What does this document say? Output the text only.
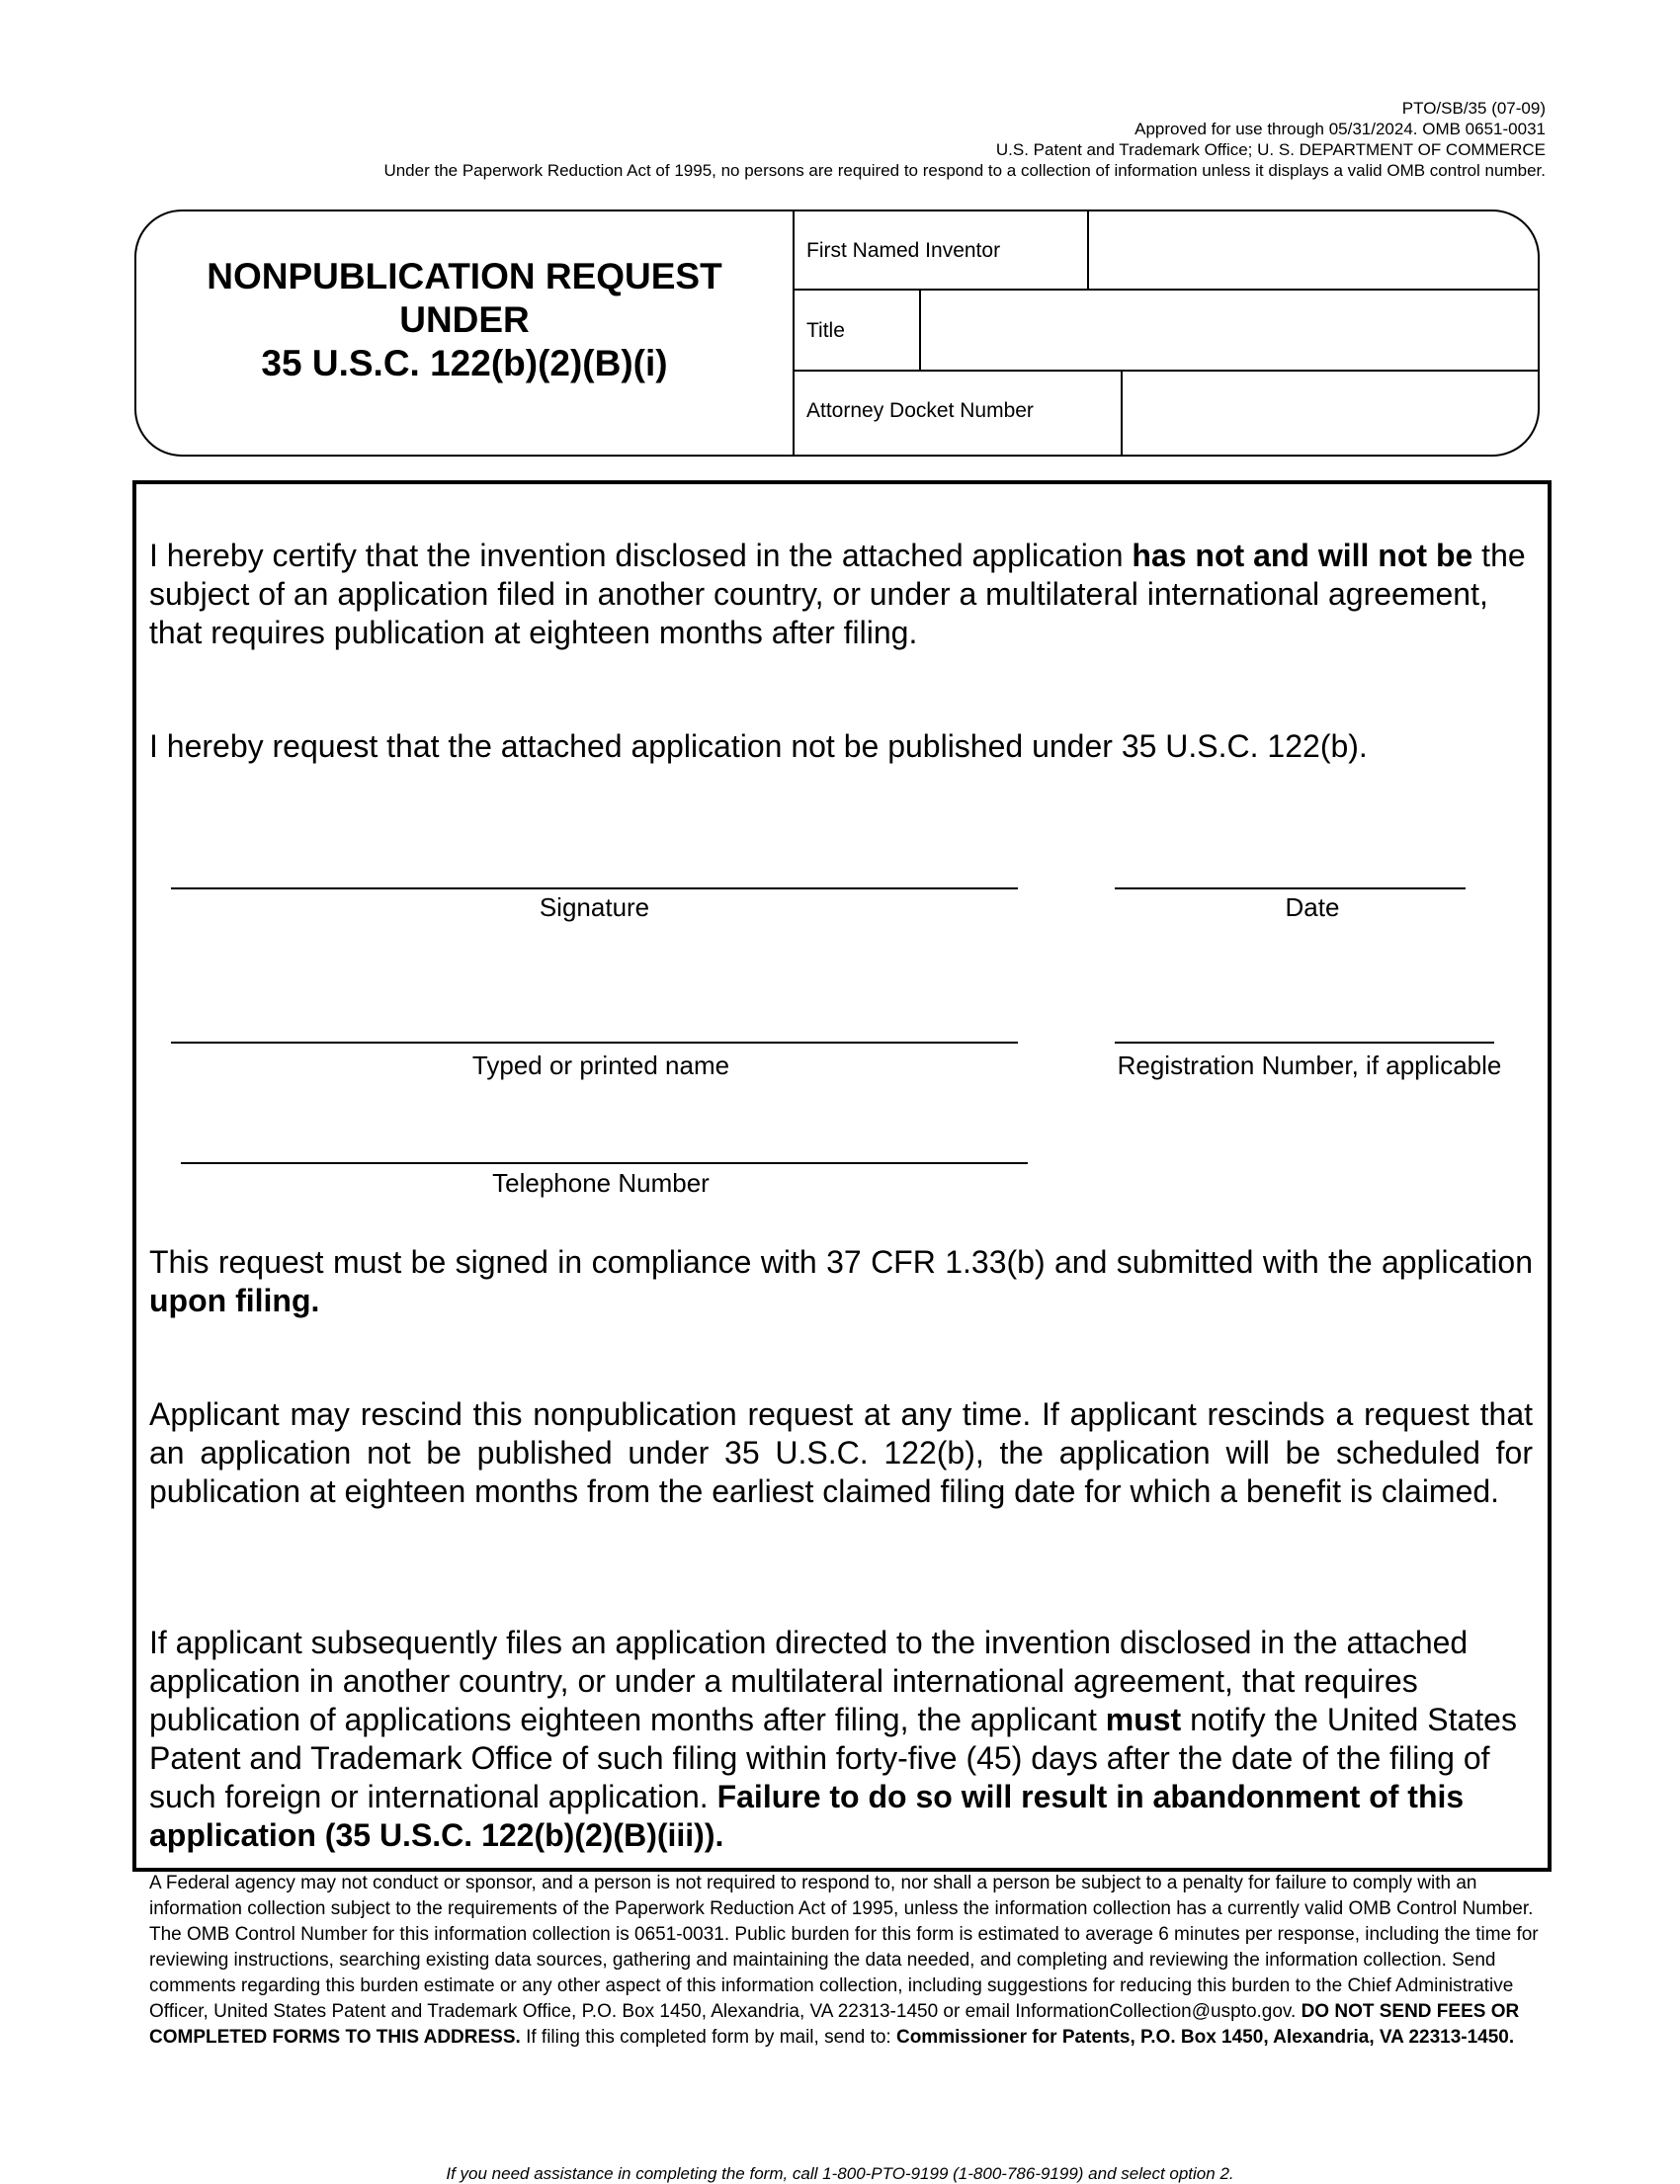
PTO/SB/35 (07-09)
Approved for use through 05/31/2024. OMB 0651-0031
U.S. Patent and Trademark Office; U. S. DEPARTMENT OF COMMERCE
Under the Paperwork Reduction Act of 1995, no persons are required to respond to a collection of information unless it displays a valid OMB control number.
NONPUBLICATION REQUEST
UNDER
35 U.S.C. 122(b)(2)(B)(i)
First Named Inventor
Title
Attorney Docket Number
I hereby certify that the invention disclosed in the attached application has not and will not be the subject of an application filed in another country, or under a multilateral international agreement, that requires publication at eighteen months after filing.
I hereby request that the attached application not be published under 35 U.S.C. 122(b).
Signature	Date
Typed or printed name	Registration Number, if applicable
Telephone Number
This request must be signed in compliance with 37 CFR 1.33(b) and submitted with the application upon filing.
Applicant may rescind this nonpublication request at any time. If applicant rescinds a request that an application not be published under 35 U.S.C. 122(b), the application will be scheduled for publication at eighteen months from the earliest claimed filing date for which a benefit is claimed.
If applicant subsequently files an application directed to the invention disclosed in the attached application in another country, or under a multilateral international agreement, that requires publication of applications eighteen months after filing, the applicant must notify the United States Patent and Trademark Office of such filing within forty-five (45) days after the date of the filing of such foreign or international application. Failure to do so will result in abandonment of this application (35 U.S.C. 122(b)(2)(B)(iii)).
A Federal agency may not conduct or sponsor, and a person is not required to respond to, nor shall a person be subject to a penalty for failure to comply with an information collection subject to the requirements of the Paperwork Reduction Act of 1995, unless the information collection has a currently valid OMB Control Number. The OMB Control Number for this information collection is 0651-0031. Public burden for this form is estimated to average 6 minutes per response, including the time for reviewing instructions, searching existing data sources, gathering and maintaining the data needed, and completing and reviewing the information collection. Send comments regarding this burden estimate or any other aspect of this information collection, including suggestions for reducing this burden to the Chief Administrative Officer, United States Patent and Trademark Office, P.O. Box 1450, Alexandria, VA 22313-1450 or email InformationCollection@uspto.gov. DO NOT SEND FEES OR COMPLETED FORMS TO THIS ADDRESS. If filing this completed form by mail, send to: Commissioner for Patents, P.O. Box 1450, Alexandria, VA 22313-1450.
If you need assistance in completing the form, call 1-800-PTO-9199 (1-800-786-9199) and select option 2.
